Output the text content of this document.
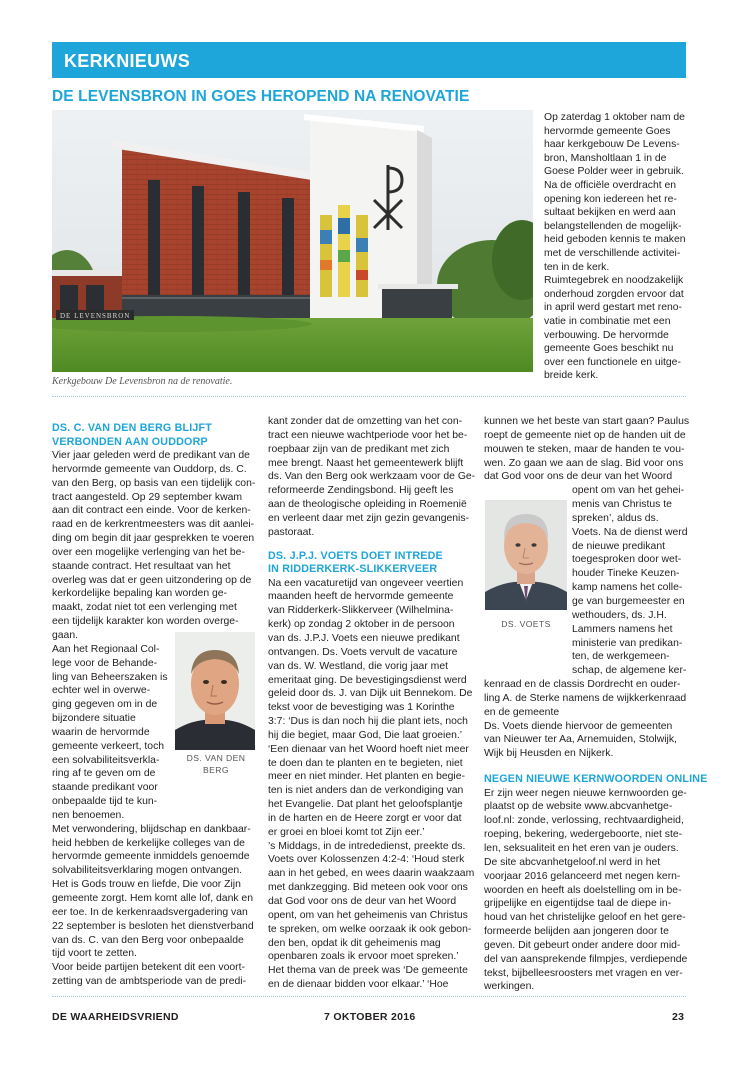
KERKNIEUWS
DE LEVENSBRON IN GOES HEROPEND NA RENOVATIE
DE LEVENSBRON
Kerkgebouw De Levensbron na de renovatie.
Op zaterdag 1 oktober nam de
hervormde gemeente Goes
haar kerkgebouw De Levens-
bron, Mansholtlaan 1 in de
Goese Polder weer in gebruik.
Na de officiële overdracht en
opening kon iedereen het re-
sultaat bekijken en werd aan
belangstellenden de mogelijk-
heid geboden kennis te maken
met de verschillende activitei-
ten in de kerk.
Ruimtegebrek en noodzakelijk
onderhoud zorgden ervoor dat
in april werd gestart met reno-
vatie in combinatie met een
verbouwing. De hervormde
gemeente Goes beschikt nu
over een functionele en uitge-
breide kerk.
DS. C. VAN DEN BERG BLIJFT
VERBONDEN AAN OUDDORP
Vier jaar geleden werd de predikant van de
hervormde gemeente van Ouddorp, ds. C.
van den Berg, op basis van een tijdelijk con-
tract aangesteld. Op 29 september kwam
aan dit contract een einde. Voor de kerken-
raad en de kerkrentmeesters was dit aanlei-
ding om begin dit jaar gesprekken te voeren
over een mogelijke verlenging van het be-
staande contract. Het resultaat van het
overleg was dat er geen uitzondering op de
kerkordelijke bepaling kan worden ge-
maakt, zodat niet tot een verlenging met
een tijdelijk karakter kon worden overge-
gaan.
Aan het Regionaal Col-
lege voor de Behande-
ling van Beheerszaken is
echter wel in overwe-
ging gegeven om in de
bijzondere situatie
waarin de hervormde
gemeente verkeert, toch
een solvabiliteitsverkla-
ring af te geven om de
staande predikant voor
onbepaalde tijd te kun-
nen benoemen.
Met verwondering, blijdschap en dankbaar-
heid hebben de kerkelijke colleges van de
hervormde gemeente inmiddels genoemde
solvabiliteitsverklaring mogen ontvangen.
Het is Gods trouw en liefde, Die voor Zijn
gemeente zorgt. Hem komt alle lof, dank en
eer toe. In de kerkenraadsvergadering van
22 september is besloten het dienstverband
van ds. C. van den Berg voor onbepaalde
tijd voort te zetten.
Voor beide partijen betekent dit een voort-
zetting van de ambtsperiode van de predi-
DS. VAN DEN
BERG
kant zonder dat de omzetting van het con-
tract een nieuwe wachtperiode voor het be-
roepbaar zijn van de predikant met zich
mee brengt. Naast het gemeentewerk blijft
ds. Van den Berg ook werkzaam voor de Ge-
reformeerde Zendingsbond. Hij geeft les
aan de theologische opleiding in Roemenië
en verleent daar met zijn gezin gevangenis-
pastoraat.
DS. J.P.J. VOETS DOET INTREDE
IN RIDDERKERK-SLIKKERVEER
Na een vacaturetijd van ongeveer veertien
maanden heeft de hervormde gemeente
van Ridderkerk-Slikkerveer (Wilhelmina-
kerk) op zondag 2 oktober in de persoon
van ds. J.P.J. Voets een nieuwe predikant
ontvangen. Ds. Voets vervult de vacature
van ds. W. Westland, die vorig jaar met
emeritaat ging. De bevestigingsdienst werd
geleid door ds. J. van Dijk uit Bennekom. De
tekst voor de bevestiging was 1 Korinthe
3:7: ‘Dus is dan noch hij die plant iets, noch
hij die begiet, maar God, Die laat groeien.’
‘Een dienaar van het Woord hoeft niet meer
te doen dan te planten en te begieten, niet
meer en niet minder. Het planten en begie-
ten is niet anders dan de verkondiging van
het Evangelie. Dat plant het geloofsplantje
in de harten en de Heere zorgt er voor dat
er groei en bloei komt tot Zijn eer.’
’s Middags, in de intrededienst, preekte ds.
Voets over Kolossenzen 4:2-4: ‘Houd sterk
aan in het gebed, en wees daarin waakzaam
met dankzegging. Bid meteen ook voor ons
dat God voor ons de deur van het Woord
opent, om van het geheimenis van Christus
te spreken, om welke oorzaak ik ook gebon-
den ben, opdat ik dit geheimenis mag
openbaren zoals ik ervoor moet spreken.’
Het thema van de preek was ‘De gemeente
en de dienaar bidden voor elkaar.’ ‘Hoe
kunnen we het beste van start gaan? Paulus
roept de gemeente niet op de handen uit de
mouwen te steken, maar de handen te vou-
wen. Zo gaan we aan de slag. Bid voor ons
dat God voor ons de deur van het Woord
opent om van het gehei-
menis van Christus te
spreken’, aldus ds.
Voets. Na de dienst werd
de nieuwe predikant
toegesproken door wet-
houder Tineke Keuzen-
kamp namens het colle-
ge van burgemeester en
wethouders, ds. J.H.
Lammers namens het
ministerie van predikan-
ten, de werkgemeen-
schap, de algemene ker-
kenraad en de classis Dordrecht en ouder-
ling A. de Sterke namens de wijkkerkenraad
en de gemeente
Ds. Voets diende hiervoor de gemeenten
van Nieuwer ter Aa, Arnemuiden, Stolwijk,
Wijk bij Heusden en Nijkerk.
NEGEN NIEUWE KERNWOORDEN ONLINE
Er zijn weer negen nieuwe kernwoorden ge-
plaatst op de website www.abcvanhetge-
loof.nl: zonde, verlossing, rechtvaardigheid,
roeping, bekering, wedergeboorte, niet ste-
len, seksualiteit en het eren van je ouders.
De site abcvanhetgeloof.nl werd in het
voorjaar 2016 gelanceerd met negen kern-
woorden en heeft als doelstelling om in be-
grijpelijke en eigentijdse taal de diepe in-
houd van het christelijke geloof en het gere-
formeerde belijden aan jongeren door te
geven. Dit gebeurt onder andere door mid-
del van aansprekende filmpjes, verdiepende
tekst, bijbelleesroosters met vragen en ver-
werkingen.
DS. VOETS
DE WAARHEIDSVRIEND	7 OKTOBER 2016	23
